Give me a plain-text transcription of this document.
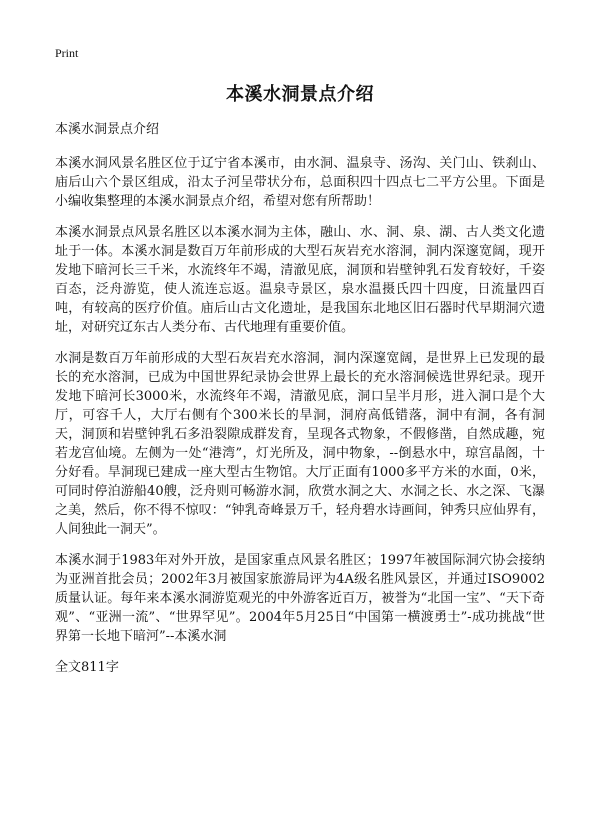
Print
本溪水洞景点介绍

本溪水洞景点介绍

本溪水洞风景名胜区位于辽宁省本溪市，由水洞、温泉寺、汤沟、关门山、铁刹山、庙后山六个景区组成，沿太子河呈带状分布，总面积四十四点七二平方公里。下面是小编收集整理的本溪水洞景点介绍，希望对您有所帮助！

本溪水洞景点风景名胜区以本溪水洞为主体，融山、水、洞、泉、湖、古人类文化遗址于一体。本溪水洞是数百万年前形成的大型石灰岩充水溶洞，洞内深邃宽阔，现开发地下暗河长三千米，水流终年不竭，清澈见底，洞顶和岩壁钟乳石发育较好，千姿百态，泛舟游览，使人流连忘返。温泉寺景区，泉水温摄氏四十四度，日流量四百吨，有较高的医疗价值。庙后山古文化遗址，是我国东北地区旧石器时代早期洞穴遗址，对研究辽东古人类分布、古代地理有重要价值。

水洞是数百万年前形成的大型石灰岩充水溶洞，洞内深邃宽阔，是世界上已发现的最长的充水溶洞，已成为中国世界纪录协会世界上最长的充水溶洞候选世界纪录。现开发地下暗河长3000米，水流终年不竭，清澈见底，洞口呈半月形，进入洞口是个大厅，可容千人，大厅右侧有个300米长的旱洞，洞府高低错落，洞中有洞，各有洞天，洞顶和岩壁钟乳石多沿裂隙成群发育，呈现各式物象，不假修凿，自然成趣，宛若龙宫仙境。左侧为一处“港湾”，灯光所及，洞中物象，--倒悬水中，琼宫晶阁，十分好看。旱洞现已建成一座大型古生物馆。大厅正面有1000多平方米的水面，0米，可同时停泊游船40艘，泛舟则可畅游水洞，欣赏水洞之大、水洞之长、水之深、飞瀑之美，然后，你不得不惊叹：“钟乳奇峰景万千，轻舟碧水诗画间，钟秀只应仙界有，人间独此一洞天”。

本溪水洞于1983年对外开放，是国家重点风景名胜区；1997年被国际洞穴协会接纳为亚洲首批会员；2002年3月被国家旅游局评为4A级名胜风景区，并通过ISO9002质量认证。每年来本溪水洞游览观光的中外游客近百万，被誉为“北国一宝”、“天下奇观”、“亚洲一流”、“世界罕见”。2004年5月25日“中国第一横渡勇士”-成功挑战“世界第一长地下暗河”--本溪水洞

全文811字
